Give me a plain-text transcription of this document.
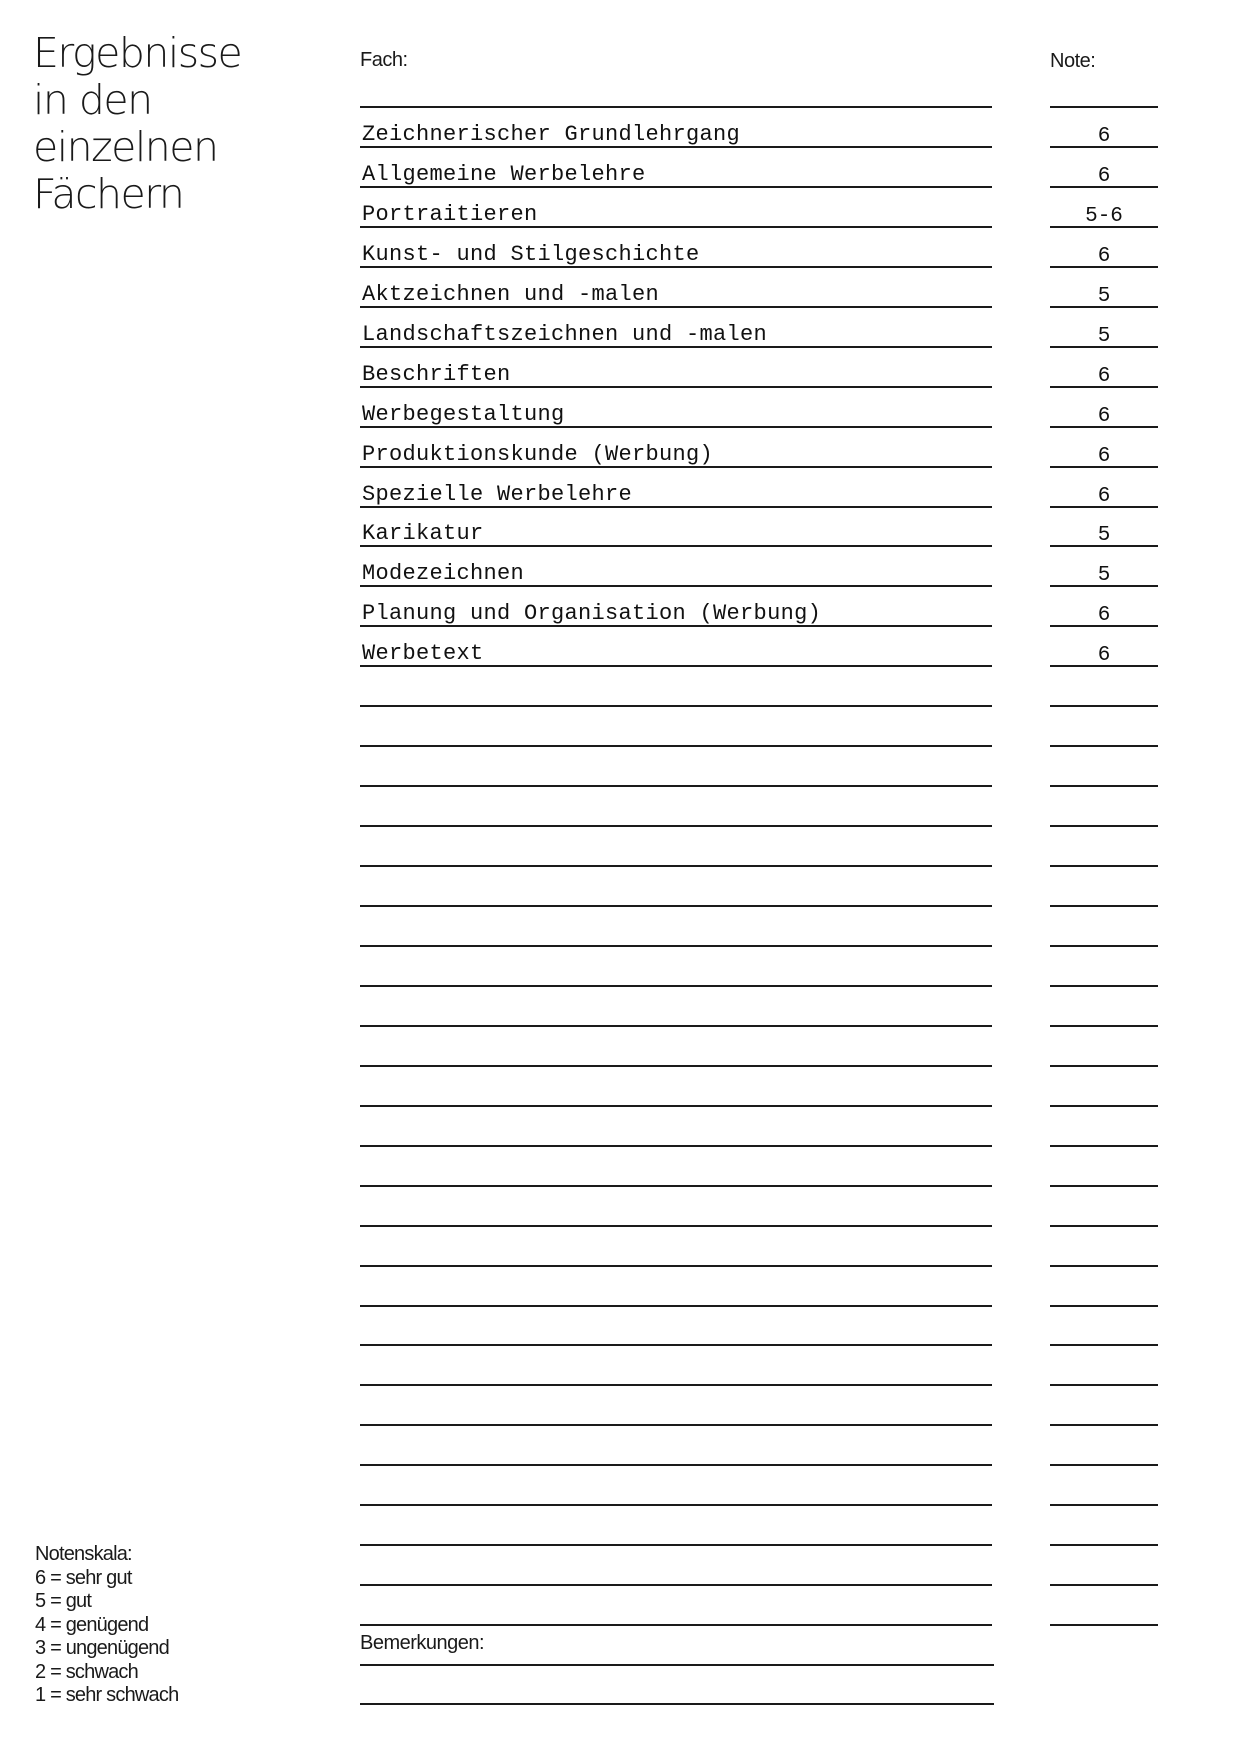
Ergebnisse
in den
einzelnen
Fächern
Fach:	Note:
Zeichnerischer Grundlehrgang	6
Allgemeine Werbelehre	6
Portraitieren	5-6
Kunst- und Stilgeschichte	6
Aktzeichnen und -malen	5
Landschaftszeichnen und -malen	5
Beschriften	6
Werbegestaltung	6
Produktionskunde (Werbung)	6
Spezielle Werbelehre	6
Karikatur	5
Modezeichnen	5
Planung und Organisation (Werbung)	6
Werbetext	6
Notenskala:
6 = sehr gut
5 = gut
4 = genügend
3 = ungenügend
2 = schwach
1 = sehr schwach
Bemerkungen:
